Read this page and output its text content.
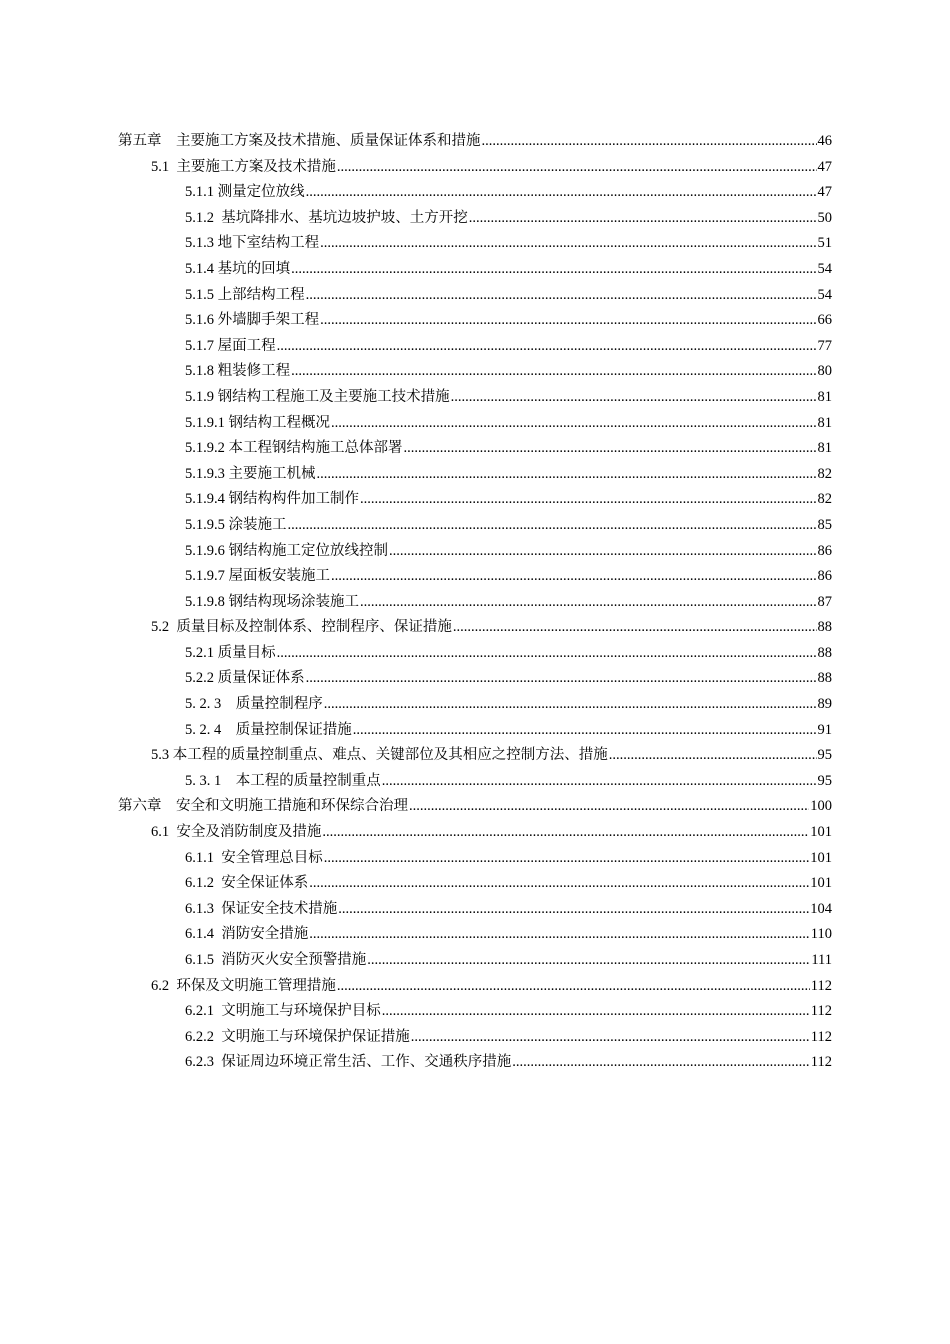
第五章　主要施工方案及技术措施、质量保证体系和措施 .....	46
5.1  主要施工方案及技术措施 .....	47
5.1.1 测量定位放线 .....	47
5.1.2  基坑降排水、基坑边坡护坡、土方开挖 .....	50
5.1.3 地下室结构工程 .....	51
5.1.4 基坑的回填 .....	54
5.1.5 上部结构工程 .....	54
5.1.6 外墙脚手架工程 .....	66
5.1.7 屋面工程 .....	77
5.1.8 粗装修工程 .....	80
5.1.9 钢结构工程施工及主要施工技术措施 .....	81
5.1.9.1 钢结构工程概况 .....	81
5.1.9.2 本工程钢结构施工总体部署 .....	81
5.1.9.3 主要施工机械 .....	82
5.1.9.4 钢结构构件加工制作 .....	82
5.1.9.5 涂装施工 .....	85
5.1.9.6 钢结构施工定位放线控制 .....	86
5.1.9.7 屋面板安装施工 .....	86
5.1.9.8 钢结构现场涂装施工 .....	87
5.2  质量目标及控制体系、控制程序、保证措施 .....	88
5.2.1 质量目标 .....	88
5.2.2 质量保证体系 .....	88
5. 2. 3　质量控制程序 .....	89
5. 2. 4　质量控制保证措施 .....	91
5.3 本工程的质量控制重点、难点、关键部位及其相应之控制方法、措施 .....	95
5. 3. 1　本工程的质量控制重点 .....	95
第六章　安全和文明施工措施和环保综合治理 .....	100
6.1  安全及消防制度及措施 .....	101
6.1.1  安全管理总目标 .....	101
6.1.2  安全保证体系 .....	101
6.1.3  保证安全技术措施 .....	104
6.1.4  消防安全措施 .....	110
6.1.5  消防灭火安全预警措施 .....	111
6.2  环保及文明施工管理措施 .....	112
6.2.1  文明施工与环境保护目标 .....	112
6.2.2  文明施工与环境保护保证措施 .....	112
6.2.3  保证周边环境正常生活、工作、交通秩序措施 .....	112
